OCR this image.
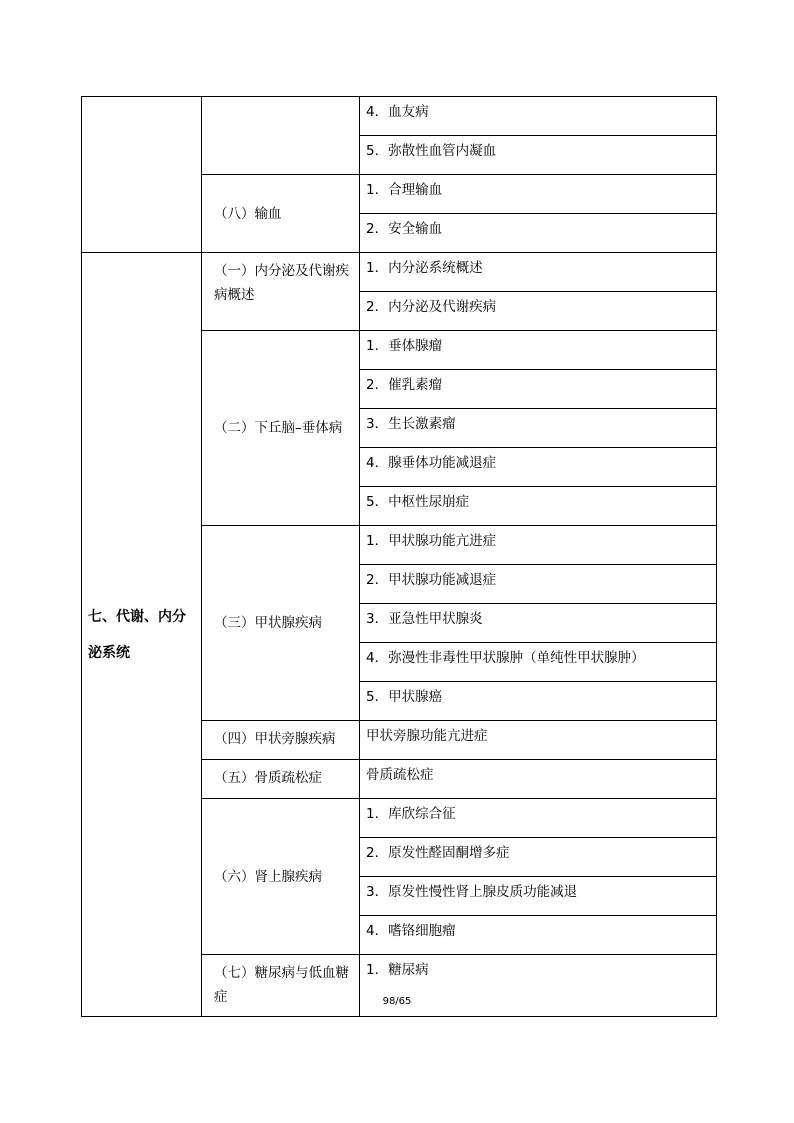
		4．血友病

		5．弥散性血管内凝血

	（八）输血	1．合理输血

		2．安全输血

七、代谢、内分泌系统	（一）内分泌及代谢疾病概述	1．内分泌系统概述

		2．内分泌及代谢疾病

	（二）下丘脑–垂体病	1．垂体腺瘤

		2．催乳素瘤

		3．生长激素瘤

		4．腺垂体功能减退症

		5．中枢性尿崩症

	（三）甲状腺疾病	1．甲状腺功能亢进症

		2．甲状腺功能减退症

		3．亚急性甲状腺炎

		4．弥漫性非毒性甲状腺肿（单纯性甲状腺肿）

		5．甲状腺癌

	（四）甲状旁腺疾病	甲状旁腺功能亢进症

	（五）骨质疏松症	骨质疏松症

	（六）肾上腺疾病	1．库欣综合征

		2．原发性醛固酮增多症

		3．原发性慢性肾上腺皮质功能减退

		4．嗜铬细胞瘤

	（七）糖尿病与低血糖症	1．糖尿病
98/65
